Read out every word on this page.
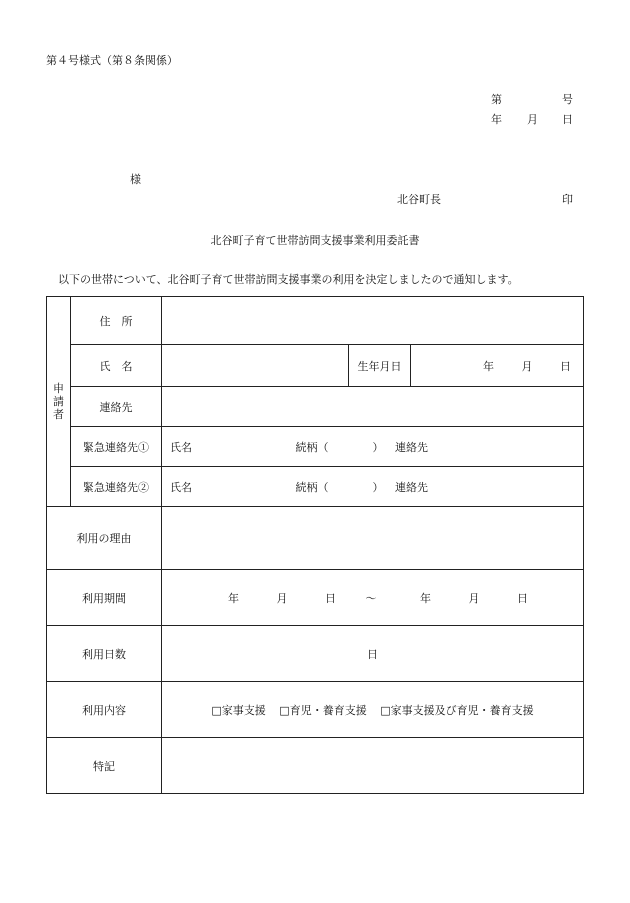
第４号様式（第８条関係）
第	号
年 月 日
様
北谷町長	印
北谷町子育て世帯訪問支援事業利用委託書
以下の世帯について、北谷町子育て世帯訪問支援事業の利用を決定しましたので通知します。
申請者	住　所			
	氏　名		生年月日	年 月 日
	連絡先			
	緊急連絡先①	氏名 続柄（　　　　） 連絡先		
	緊急連絡先②	氏名 続柄（　　　　） 連絡先		
利用の理由				
利用期間		年 月 日 〜 年 月 日		
利用日数		日		
利用内容		□家事支援 □育児・養育支援 □家事支援及び育児・養育支援		
特記				
